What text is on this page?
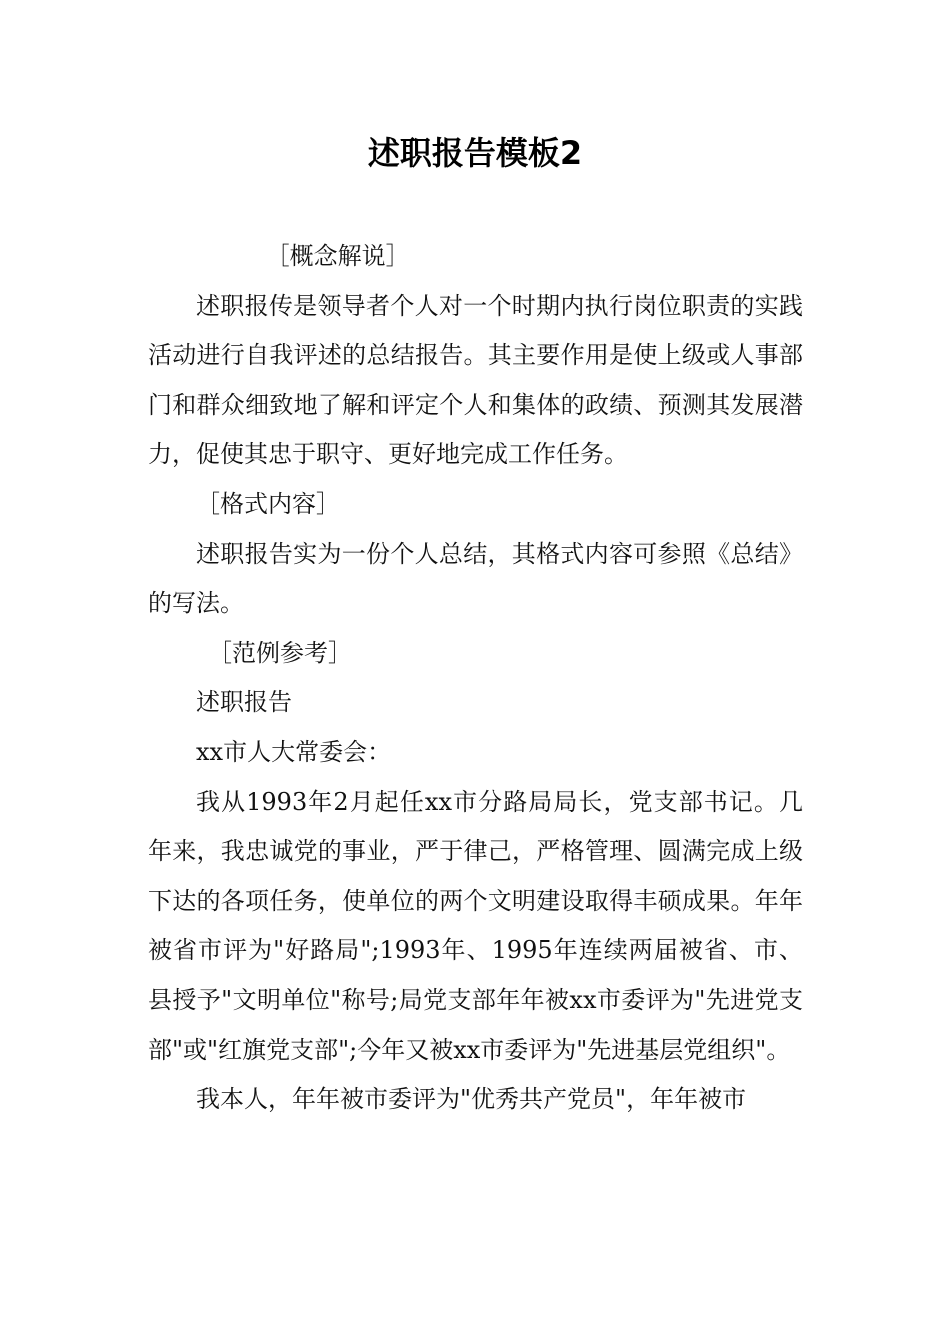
述职报告模板2

［概念解说］

述职报传是领导者个人对一个时期内执行岗位职责的实践活动进行自我评述的总结报告。其主要作用是使上级或人事部门和群众细致地了解和评定个人和集体的政绩、预测其发展潜力，促使其忠于职守、更好地完成工作任务。

［格式内容］

述职报告实为一份个人总结，其格式内容可参照《总结》的写法。

［范例参考］

述职报告

xx市人大常委会：

我从1993年2月起任xx市分路局局长，党支部书记。几年来，我忠诚党的事业，严于律己，严格管理、圆满完成上级下达的各项任务，使单位的两个文明建设取得丰硕成果。年年被省市评为"好路局";1993年、1995年连续两届被省、市、县授予"文明单位"称号;局党支部年年被xx市委评为"先进党支部"或"红旗党支部";今年又被xx市委评为"先进基层党组织"。

我本人，年年被市委评为"优秀共产党员"，年年被市
